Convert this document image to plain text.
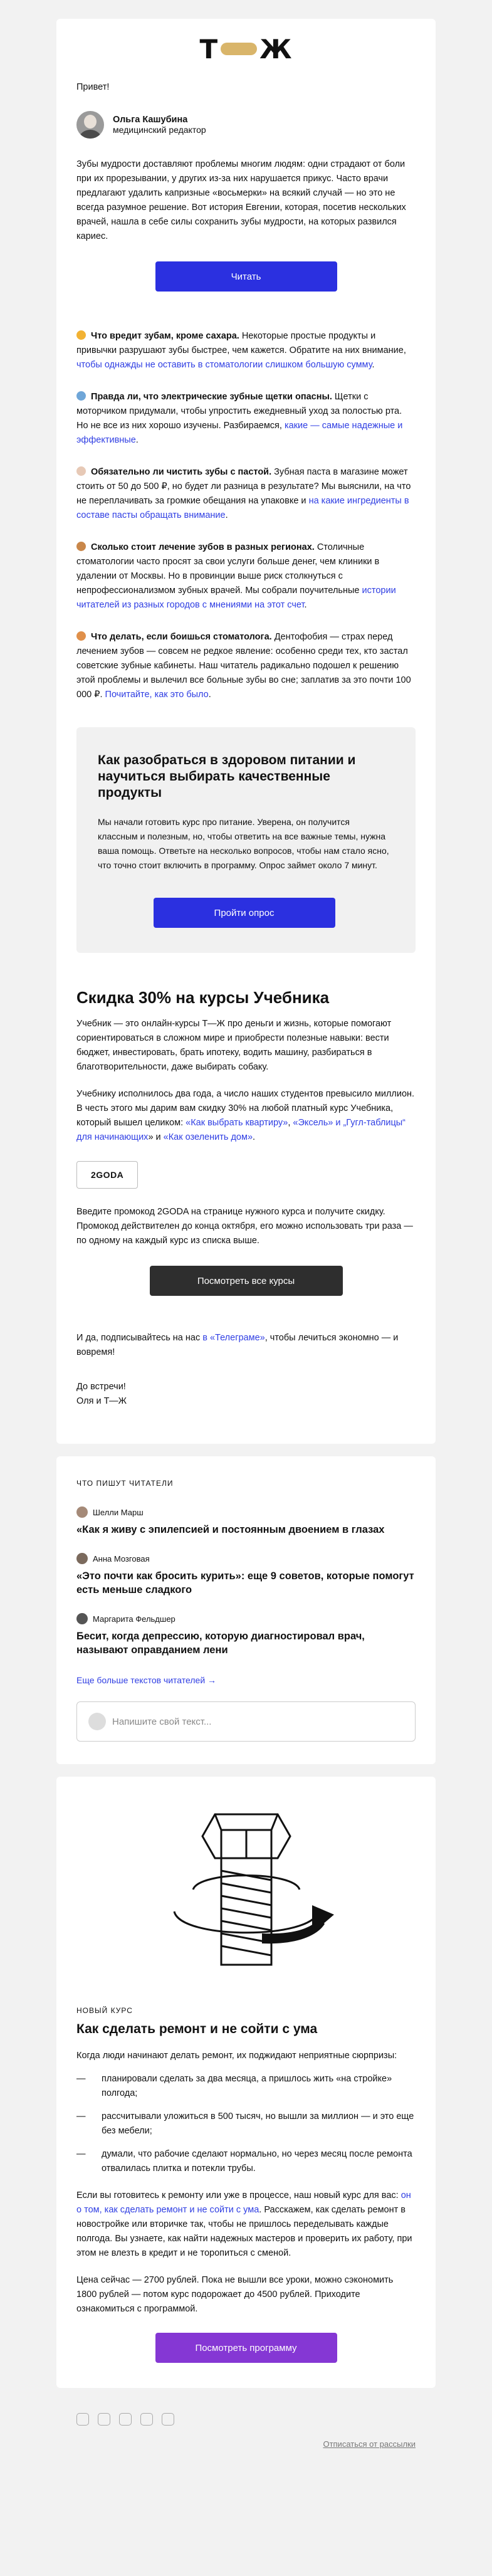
Т Ж
Привет!
Ольга Кашубина
медицинский редактор
Зубы мудрости доставляют проблемы многим людям: одни страдают от боли при их прорезывании, у других из-за них нарушается прикус. Часто врачи предлагают удалить капризные «восьмерки» на всякий случай — но это не всегда разумное решение. Вот история Евгении, которая, посетив нескольких врачей, нашла в себе силы сохранить зубы мудрости, на которых развился кариес.
Читать
Что вредит зубам, кроме сахара. Некоторые простые продукты и привычки разрушают зубы быстрее, чем кажется. Обратите на них внимание, чтобы однажды не оставить в стоматологии слишком большую сумму.
Правда ли, что электрические зубные щетки опасны. Щетки с моторчиком придумали, чтобы упростить ежедневный уход за полостью рта. Но не все из них хорошо изучены. Разбираемся, какие — самые надежные и эффективные.
Обязательно ли чистить зубы с пастой. Зубная паста в магазине может стоить от 50 до 500 ₽, но будет ли разница в результате? Мы выяснили, на что не переплачивать за громкие обещания на упаковке и на какие ингредиенты в составе пасты обращать внимание.
Сколько стоит лечение зубов в разных регионах. Столичные стоматологии часто просят за свои услуги больше денег, чем клиники в удалении от Москвы. Но в провинции выше риск столкнуться с непрофессионализмом зубных врачей. Мы собрали поучительные истории читателей из разных городов с мнениями на этот счет.
Что делать, если боишься стоматолога. Дентофобия — страх перед лечением зубов — совсем не редкое явление: особенно среди тех, кто застал советские зубные кабинеты. Наш читатель радикально подошел к решению этой проблемы и вылечил все больные зубы во сне; заплатив за это почти 100 000 ₽. Почитайте, как это было.
Как разобраться в здоровом питании и научиться выбирать качественные продукты
Мы начали готовить курс про питание. Уверена, он получится классным и полезным, но, чтобы ответить на все важные темы, нужна ваша помощь. Ответьте на несколько вопросов, чтобы нам стало ясно, что точно стоит включить в программу. Опрос займет около 7 минут.
Пройти опрос
Скидка 30% на курсы Учебника
Учебник — это онлайн-курсы Т—Ж про деньги и жизнь, которые помогают сориентироваться в сложном мире и приобрести полезные навыки: вести бюджет, инвестировать, брать ипотеку, водить машину, разбираться в благотворительности, даже выбирать собаку.
Учебнику исполнилось два года, а число наших студентов превысило миллион. В честь этого мы дарим вам скидку 30% на любой платный курс Учебника, который вышел целиком: «Как выбрать квартиру», «Эксель» и „Гугл-таблицы“ для начинающих» и «Как озеленить дом».
2GODA
Введите промокод 2GODA на странице нужного курса и получите скидку. Промокод действителен до конца октября, его можно использовать три раза — по одному на каждый курс из списка выше.
Посмотреть все курсы
И да, подписывайтесь на нас в «Телеграме», чтобы лечиться экономно — и вовремя!
До встречи!
Оля и Т—Ж
ЧТО ПИШУТ ЧИТАТЕЛИ
Шелли Марш
«Как я живу с эпилепсией и постоянным двоением в глазах
Анна Мозговая
«Это почти как бросить курить»: еще 9 советов, которые помогут есть меньше сладкого
Маргарита Фельдшер
Бесит, когда депрессию, которую диагностировал врач, называют оправданием лени
Еще больше текстов читателей →
Напишите свой текст...
НОВЫЙ КУРС
Как сделать ремонт и не сойти с ума
Когда люди начинают делать ремонт, их поджидают неприятные сюрпризы:
— планировали сделать за два месяца, а пришлось жить «на стройке» полгода;
— рассчитывали уложиться в 500 тысяч, но вышли за миллион — и это еще без мебели;
— думали, что рабочие сделают нормально, но через месяц после ремонта отвалилась плитка и потекли трубы.
Если вы готовитесь к ремонту или уже в процессе, наш новый курс для вас: он о том, как сделать ремонт и не сойти с ума. Расскажем, как сделать ремонт в новостройке или вторичке так, чтобы не пришлось переделывать каждые полгода. Вы узнаете, как найти надежных мастеров и проверить их работу, при этом не влезть в кредит и не торопиться с сменой.
Цена сейчас — 2700 рублей. Пока не вышли все уроки, можно сэкономить 1800 рублей — потом курс подорожает до 4500 рублей. Приходите ознакомиться с программой.
Посмотреть программу
Отписаться от рассылки
